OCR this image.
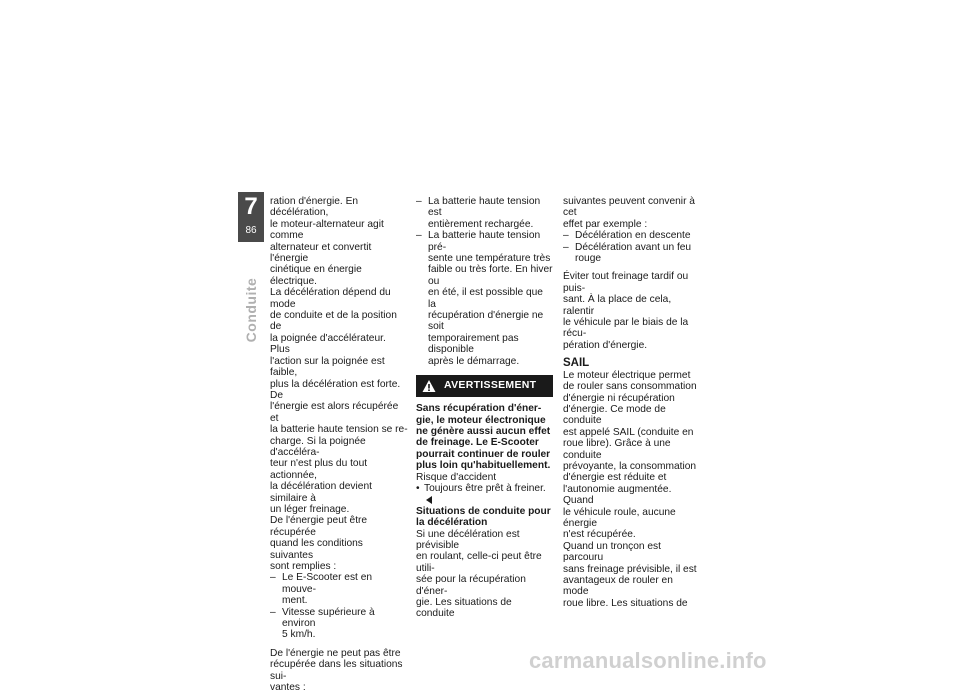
7
86
Conduite

ration d'énergie. En décélération,
le moteur-alternateur agit comme
alternateur et convertit l'énergie
cinétique en énergie électrique.

La décélération dépend du mode
de conduite et de la position de
la poignée d'accélérateur. Plus
l'action sur la poignée est faible,
plus la décélération est forte. De
l'énergie est alors récupérée et
la batterie haute tension se re-
charge. Si la poignée d'accéléra-
teur n'est plus du tout actionnée,
la décélération devient similaire à
un léger freinage.

De l'énergie peut être récupérée
quand les conditions suivantes
sont remplies :

– Le E-Scooter est en mouve-
ment.

– Vitesse supérieure à environ
5 km/h.

De l'énergie ne peut pas être
récupérée dans les situations sui-
vantes :

– La batterie haute tension est
entièrement rechargée.

– La batterie haute tension pré-
sente une température très
faible ou très forte. En hiver ou
en été, il est possible que la
récupération d'énergie ne soit
temporairement pas disponible
après le démarrage.

AVERTISSEMENT

Sans récupération d'éner-
gie, le moteur électronique
ne génère aussi aucun effet
de freinage. Le E-Scooter
pourrait continuer de rouler
plus loin qu'habituellement.

Risque d'accident

• Toujours être prêt à freiner.

Situations de conduite pour
la décélération

Si une décélération est prévisible
en roulant, celle-ci peut être utili-
sée pour la récupération d'éner-
gie. Les situations de conduite

suivantes peuvent convenir à cet
effet par exemple :

– Décélération en descente

– Décélération avant un feu
rouge

Éviter tout freinage tardif ou puis-
sant. À la place de cela, ralentir
le véhicule par le biais de la récu-
pération d'énergie.

SAIL

Le moteur électrique permet
de rouler sans consommation
d'énergie ni récupération
d'énergie. Ce mode de conduite
est appelé SAIL (conduite en
roue libre). Grâce à une conduite
prévoyante, la consommation
d'énergie est réduite et
l'autonomie augmentée. Quand
le véhicule roule, aucune énergie
n'est récupérée.

Quand un tronçon est parcouru
sans freinage prévisible, il est
avantageux de rouler en mode
roue libre. Les situations de

carmanualsonline.info
